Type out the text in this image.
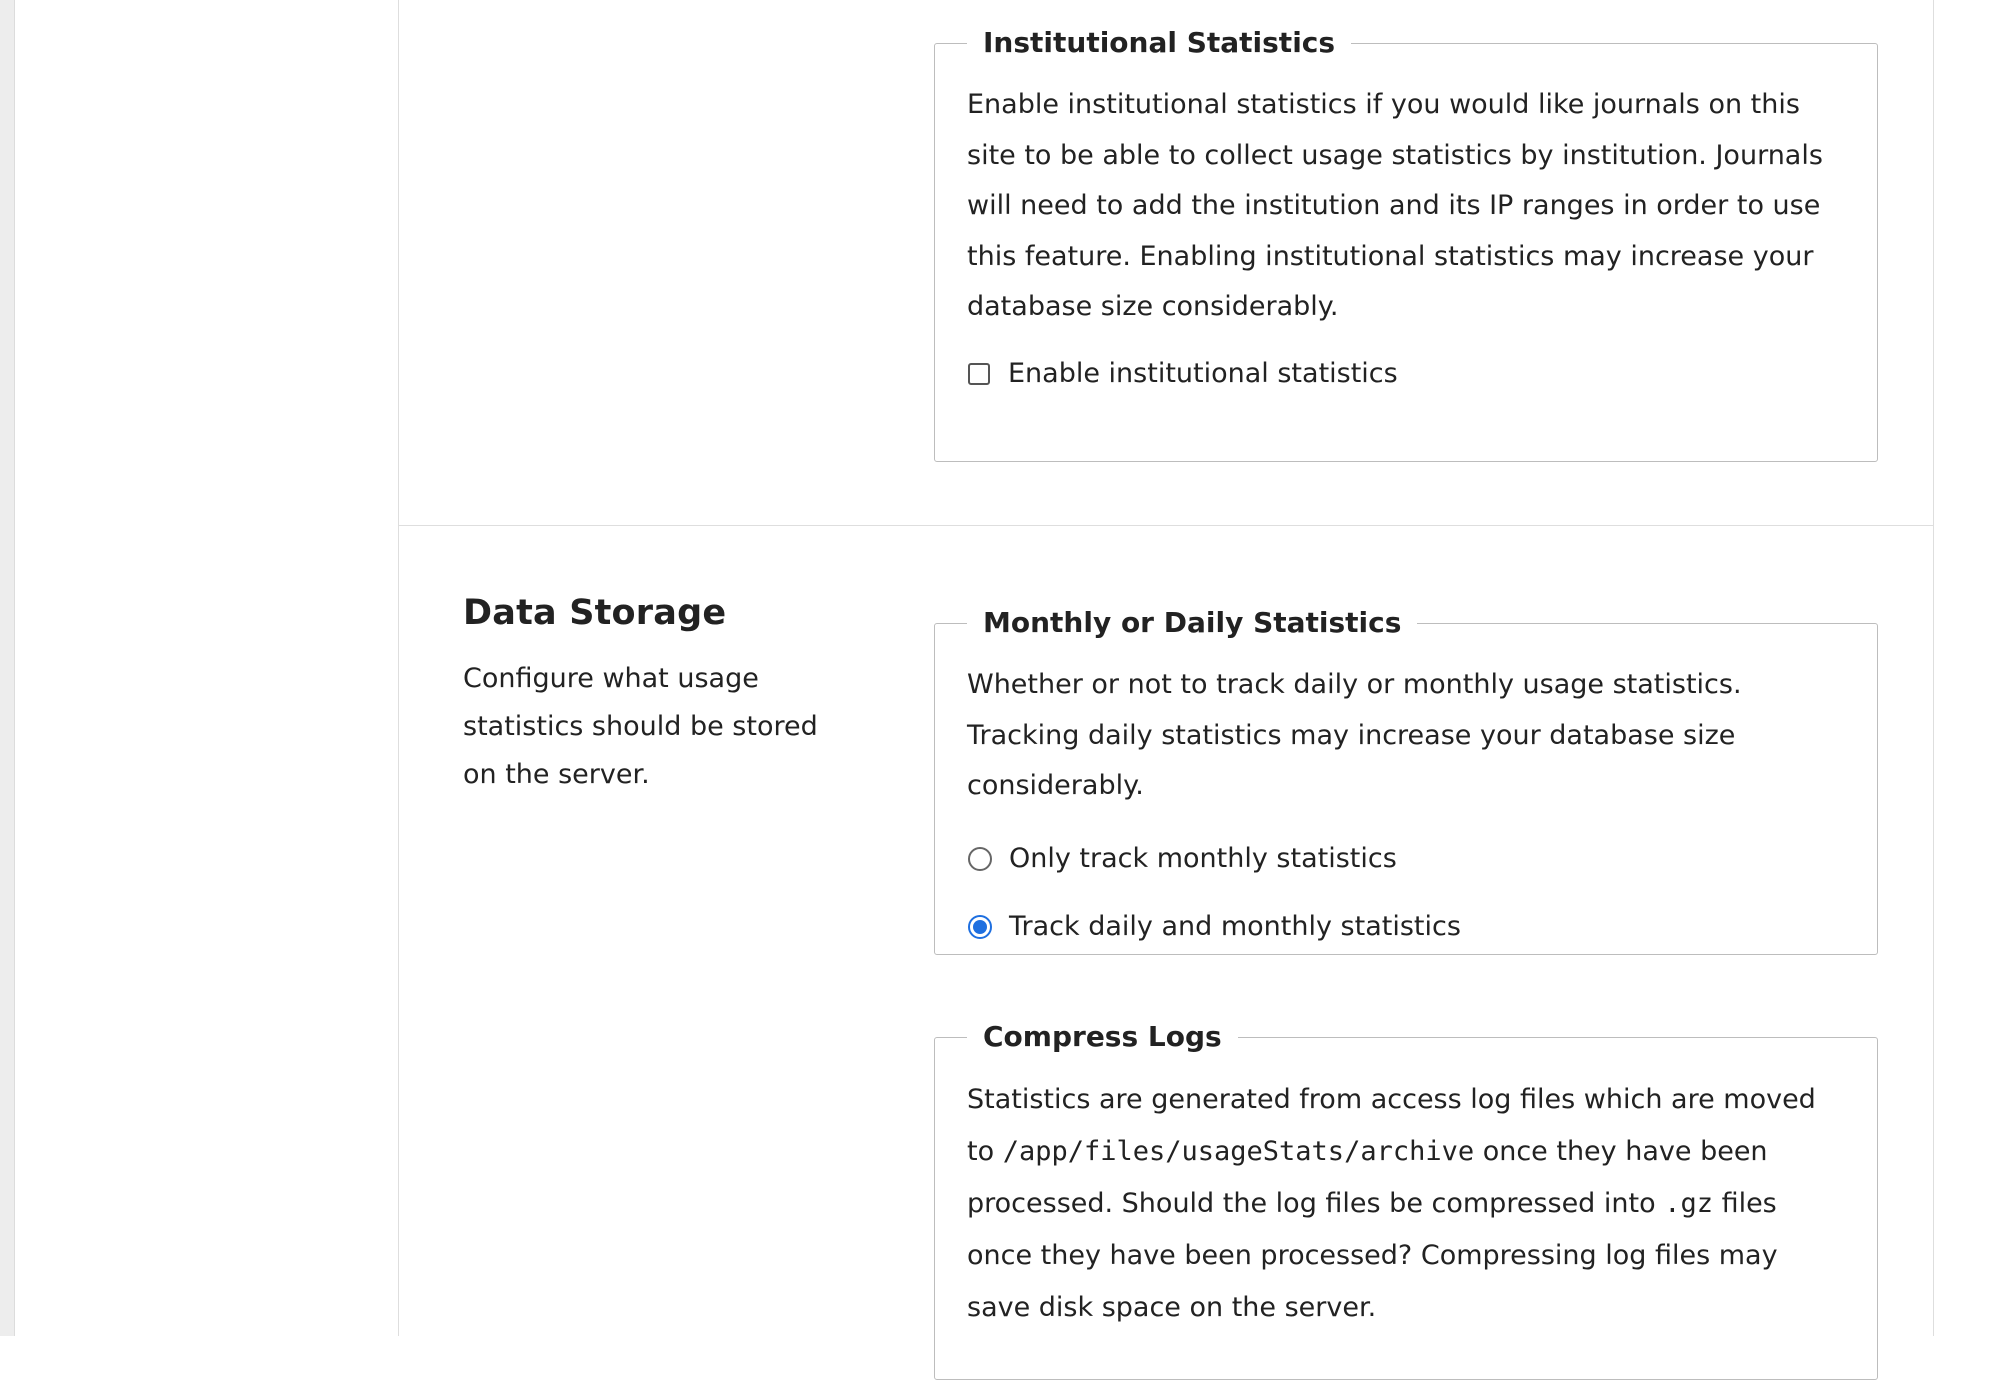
Institutional Statistics
Enable institutional statistics if you would like journals on this site to be able to collect usage statistics by institution. Journals will need to add the institution and its IP ranges in order to use this feature. Enabling institutional statistics may increase your database size considerably.
Enable institutional statistics
Data Storage
Configure what usage statistics should be stored on the server.
Monthly or Daily Statistics
Whether or not to track daily or monthly usage statistics. Tracking daily statistics may increase your database size considerably.
Only track monthly statistics
Track daily and monthly statistics
Compress Logs
Statistics are generated from access log files which are moved to /app/files/usageStats/archive once they have been processed. Should the log files be compressed into .gz files once they have been processed? Compressing log files may save disk space on the server.
